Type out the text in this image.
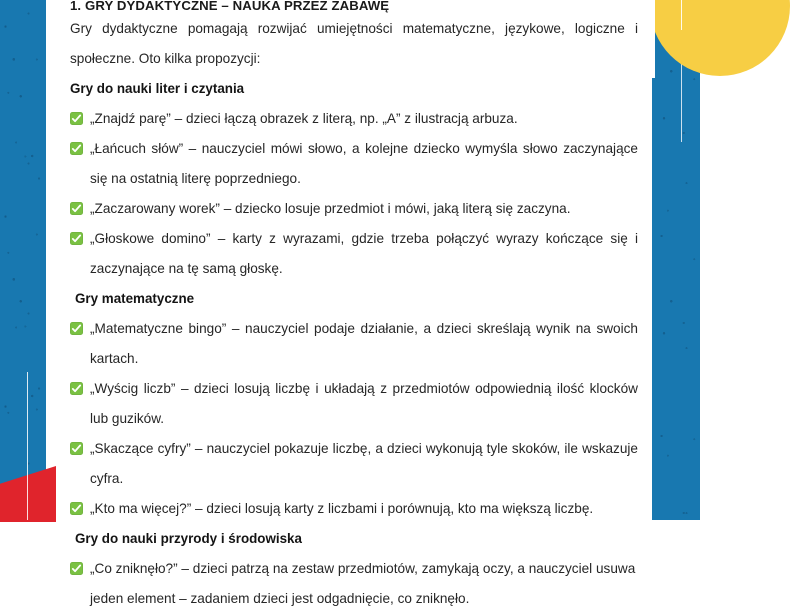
1. GRY DYDAKTYCZNE – NAUKA PRZEZ ZABAWĘ

Gry dydaktyczne pomagają rozwijać umiejętności matematyczne, językowe, logiczne i społeczne. Oto kilka propozycji:

Gry do nauki liter i czytania

„Znajdź parę” – dzieci łączą obrazek z literą, np. „A” z ilustracją arbuza.

„Łańcuch słów” – nauczyciel mówi słowo, a kolejne dziecko wymyśla słowo zaczynające się na ostatnią literę poprzedniego.

„Zaczarowany worek” – dziecko losuje przedmiot i mówi, jaką literą się zaczyna.

„Głoskowe domino” – karty z wyrazami, gdzie trzeba połączyć wyrazy kończące się i zaczynające na tę samą głoskę.

Gry matematyczne

„Matematyczne bingo” – nauczyciel podaje działanie, a dzieci skreślają wynik na swoich kartach.

„Wyścig liczb” – dzieci losują liczbę i układają z przedmiotów odpowiednią ilość klocków lub guzików.

„Skaczące cyfry” – nauczyciel pokazuje liczbę, a dzieci wykonują tyle skoków, ile wskazuje cyfra.

„Kto ma więcej?” – dzieci losują karty z liczbami i porównują, kto ma większą liczbę.

Gry do nauki przyrody i środowiska

„Co zniknęło?” – dzieci patrzą na zestaw przedmiotów, zamykają oczy, a nauczyciel usuwa jeden element – zadaniem dzieci jest odgadnięcie, co zniknęło.
